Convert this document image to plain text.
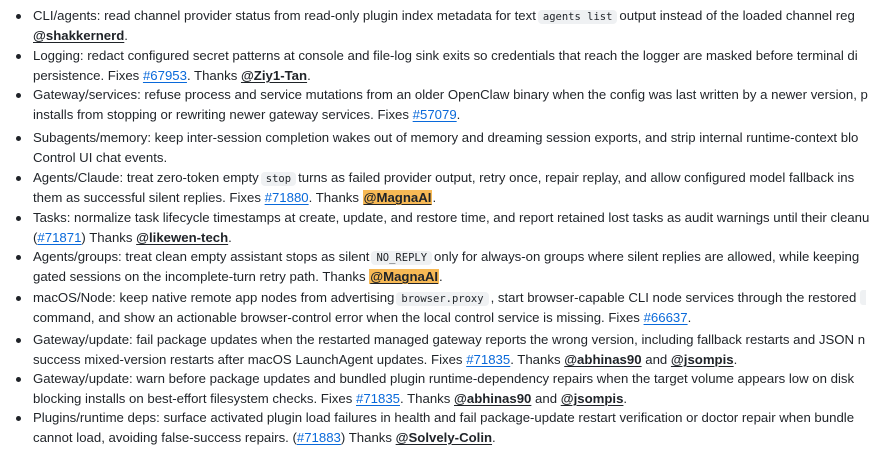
CLI/agents: read channel provider status from read-only plugin index metadata for text agents list output instead of the loaded channel reg
@shakkernerd.
Logging: redact configured secret patterns at console and file-log sink exits so credentials that reach the logger are masked before terminal di
persistence. Fixes #67953. Thanks @Ziy1-Tan.
Gateway/services: refuse process and service mutations from an older OpenClaw binary when the config was last written by a newer version, p
installs from stopping or rewriting newer gateway services. Fixes #57079.
Subagents/memory: keep inter-session completion wakes out of memory and dreaming session exports, and strip internal runtime-context blo
Control UI chat events.
Agents/Claude: treat zero-token empty stop turns as failed provider output, retry once, repair replay, and allow configured model fallback ins
them as successful silent replies. Fixes #71880. Thanks @MagnaAI.
Tasks: normalize task lifecycle timestamps at create, update, and restore time, and report retained lost tasks as audit warnings until their cleanu
(#71871) Thanks @likewen-tech.
Agents/groups: treat clean empty assistant stops as silent NO_REPLY only for always-on groups where silent replies are allowed, while keeping
gated sessions on the incomplete-turn retry path. Thanks @MagnaAI.
macOS/Node: keep native remote app nodes from advertising browser.proxy , start browser-capable CLI node services through the restored
command, and show an actionable browser-control error when the local control service is missing. Fixes #66637.
Gateway/update: fail package updates when the restarted managed gateway reports the wrong version, including fallback restarts and JSON n
success mixed-version restarts after macOS LaunchAgent updates. Fixes #71835. Thanks @abhinas90 and @jsompis.
Gateway/update: warn before package updates and bundled plugin runtime-dependency repairs when the target volume appears low on disk
blocking installs on best-effort filesystem checks. Fixes #71835. Thanks @abhinas90 and @jsompis.
Plugins/runtime deps: surface activated plugin load failures in health and fail package-update restart verification or doctor repair when bundle
cannot load, avoiding false-success repairs. (#71883) Thanks @Solvely-Colin.
